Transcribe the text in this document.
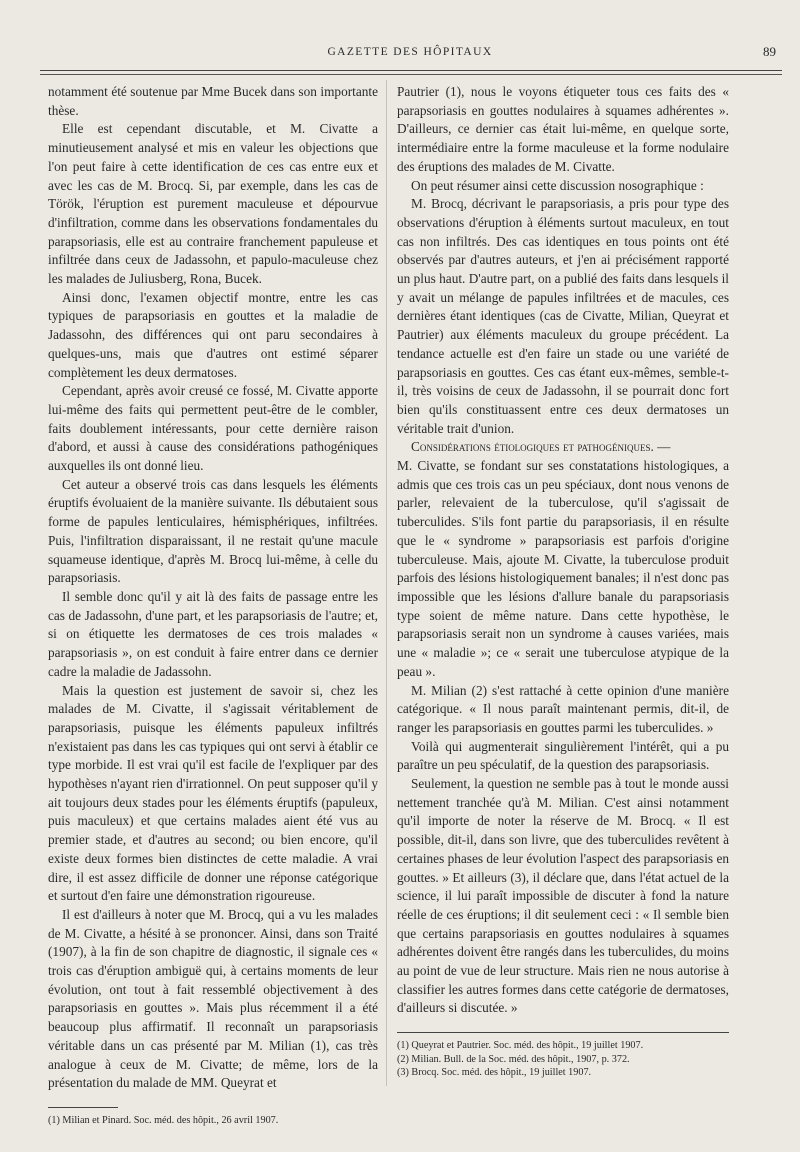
GAZETTE DES HÔPITAUX	89

notamment été soutenue par Mme Bucek dans son importante thèse.

Elle est cependant discutable, et M. Civatte a minutieusement analysé et mis en valeur les objections que l'on peut faire à cette identification de ces cas entre eux et avec les cas de M. Brocq. Si, par exemple, dans les cas de Török, l'éruption est purement maculeuse et dépourvue d'infiltration, comme dans les observations fondamentales du parapsoriasis, elle est au contraire franchement papuleuse et infiltrée dans ceux de Jadassohn, et papulo-maculeuse chez les malades de Juliusberg, Rona, Bucek.

Ainsi donc, l'examen objectif montre, entre les cas typiques de parapsoriasis en gouttes et la maladie de Jadassohn, des différences qui ont paru secondaires à quelques-uns, mais que d'autres ont estimé séparer complètement les deux dermatoses.

Cependant, après avoir creusé ce fossé, M. Civatte apporte lui-même des faits qui permettent peut-être de le combler, faits doublement intéressants, pour cette dernière raison d'abord, et aussi à cause des considérations pathogéniques auxquelles ils ont donné lieu.

Cet auteur a observé trois cas dans lesquels les éléments éruptifs évoluaient de la manière suivante. Ils débutaient sous forme de papules lenticulaires, hémisphériques, infiltrées. Puis, l'infiltration disparaissant, il ne restait qu'une macule squameuse identique, d'après M. Brocq lui-même, à celle du parapsoriasis.

Il semble donc qu'il y ait là des faits de passage entre les cas de Jadassohn, d'une part, et les parapsoriasis de l'autre; et, si on étiquette les dermatoses de ces trois malades « parapsoriasis », on est conduit à faire entrer dans ce dernier cadre la maladie de Jadassohn.

Mais la question est justement de savoir si, chez les malades de M. Civatte, il s'agissait véritablement de parapsoriasis, puisque les éléments papuleux infiltrés n'existaient pas dans les cas typiques qui ont servi à établir ce type morbide. Il est vrai qu'il est facile de l'expliquer par des hypothèses n'ayant rien d'irrationnel. On peut supposer qu'il y ait toujours deux stades pour les éléments éruptifs (papuleux, puis maculeux) et que certains malades aient été vus au premier stade, et d'autres au second; ou bien encore, qu'il existe deux formes bien distinctes de cette maladie. A vrai dire, il est assez difficile de donner une réponse catégorique et surtout d'en faire une démonstration rigoureuse.

Il est d'ailleurs à noter que M. Brocq, qui a vu les malades de M. Civatte, a hésité à se prononcer. Ainsi, dans son Traité (1907), à la fin de son chapitre de diagnostic, il signale ces « trois cas d'éruption ambiguë qui, à certains moments de leur évolution, ont tout à fait ressemblé objectivement à des parapsoriasis en gouttes ». Mais plus récemment il a été beaucoup plus affirmatif. Il reconnaît un parapsoriasis véritable dans un cas présenté par M. Milian (1), cas très analogue à ceux de M. Civatte; de même, lors de la présentation du malade de MM. Queyrat et

(1) Milian et Pinard. Soc. méd. des hôpit., 26 avril 1907.

Pautrier (1), nous le voyons étiqueter tous ces faits des « parapsoriasis en gouttes nodulaires à squames adhérentes ». D'ailleurs, ce dernier cas était lui-même, en quelque sorte, intermédiaire entre la forme maculeuse et la forme nodulaire des éruptions des malades de M. Civatte.

On peut résumer ainsi cette discussion nosographique :

M. Brocq, décrivant le parapsoriasis, a pris pour type des observations d'éruption à éléments surtout maculeux, en tout cas non infiltrés. Des cas identiques en tous points ont été observés par d'autres auteurs, et j'en ai précisément rapporté un plus haut. D'autre part, on a publié des faits dans lesquels il y avait un mélange de papules infiltrées et de macules, ces dernières étant identiques (cas de Civatte, Milian, Queyrat et Pautrier) aux éléments maculeux du groupe précédent. La tendance actuelle est d'en faire un stade ou une variété de parapsoriasis en gouttes. Ces cas étant eux-mêmes, semble-t-il, très voisins de ceux de Jadassohn, il se pourrait donc fort bien qu'ils constituassent entre ces deux dermatoses un véritable trait d'union.

Considérations étiologiques et pathogéniques. —

M. Civatte, se fondant sur ses constatations histologiques, a admis que ces trois cas un peu spéciaux, dont nous venons de parler, relevaient de la tuberculose, qu'il s'agissait de tuberculides. S'ils font partie du parapsoriasis, il en résulte que le « syndrome » parapsoriasis est parfois d'origine tuberculeuse. Mais, ajoute M. Civatte, la tuberculose produit parfois des lésions histologiquement banales; il n'est donc pas impossible que les lésions d'allure banale du parapsoriasis type soient de même nature. Dans cette hypothèse, le parapsoriasis serait non un syndrome à causes variées, mais une « maladie »; ce « serait une tuberculose atypique de la peau ».

M. Milian (2) s'est rattaché à cette opinion d'une manière catégorique. « Il nous paraît maintenant permis, dit-il, de ranger les parapsoriasis en gouttes parmi les tuberculides. »

Voilà qui augmenterait singulièrement l'intérêt, qui a pu paraître un peu spéculatif, de la question des parapsoriasis.

Seulement, la question ne semble pas à tout le monde aussi nettement tranchée qu'à M. Milian. C'est ainsi notamment qu'il importe de noter la réserve de M. Brocq. « Il est possible, dit-il, dans son livre, que des tuberculides revêtent à certaines phases de leur évolution l'aspect des parapsoriasis en gouttes. » Et ailleurs (3), il déclare que, dans l'état actuel de la science, il lui paraît impossible de discuter à fond la nature réelle de ces éruptions; il dit seulement ceci : « Il semble bien que certains parapsoriasis en gouttes nodulaires à squames adhérentes doivent être rangés dans les tuberculides, du moins au point de vue de leur structure. Mais rien ne nous autorise à classifier les autres formes dans cette catégorie de dermatoses, d'ailleurs si discutée. »

(1) Queyrat et Pautrier. Soc. méd. des hôpit., 19 juillet 1907.

(2) Milian. Bull. de la Soc. méd. des hôpit., 1907, p. 372.

(3) Brocq. Soc. méd. des hôpit., 19 juillet 1907.
